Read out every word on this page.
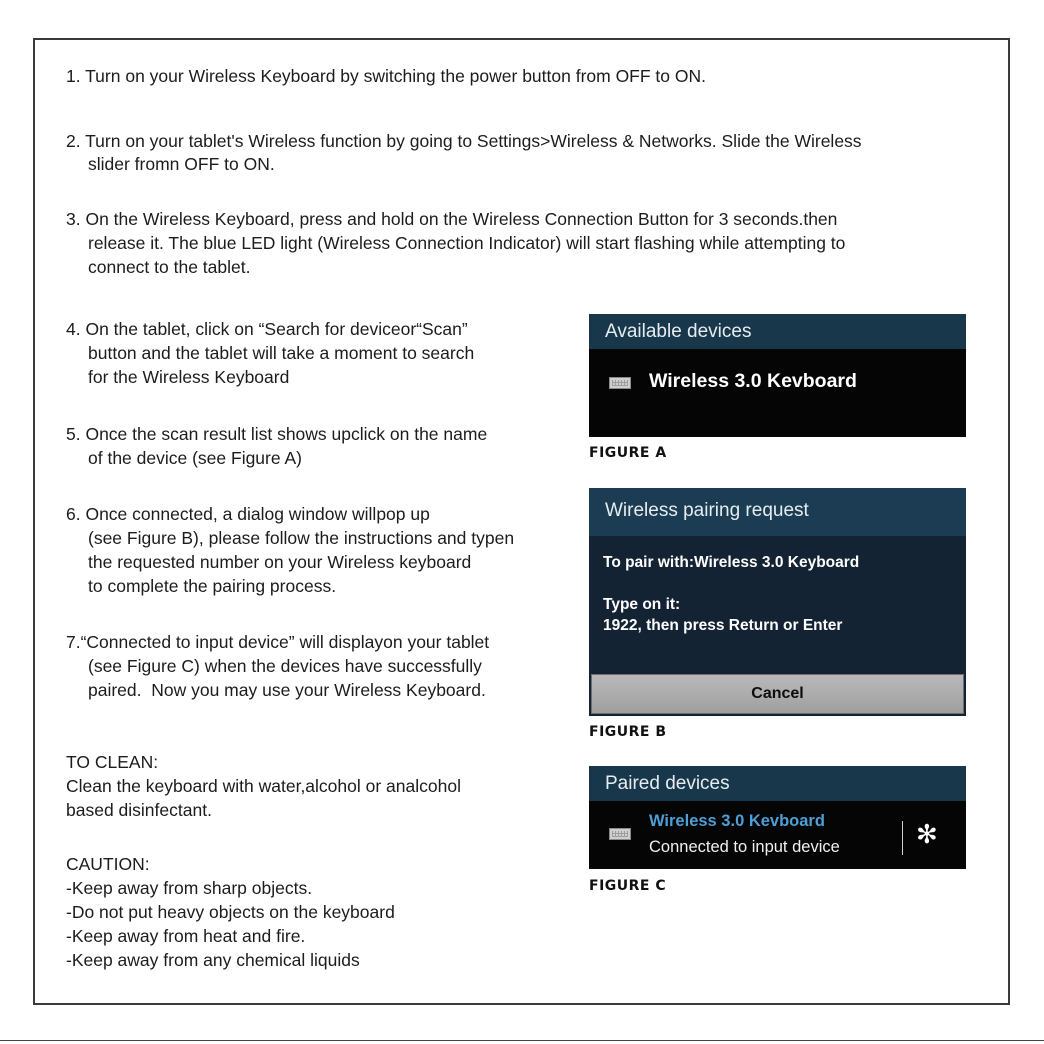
1. Turn on your Wireless Keyboard by switching the power button from OFF to ON.
2. Turn on your tablet's Wireless function by going to Settings>Wireless & Networks. Slide the Wireless
slider fromn OFF to ON.
3. On the Wireless Keyboard, press and hold on the Wireless Connection Button for 3 seconds.then
release it. The blue LED light (Wireless Connection Indicator) will start flashing while attempting to
connect to the tablet.
4. On the tablet, click on “Search for deviceor“Scan”
button and the tablet will take a moment to search
for the Wireless Keyboard
5. Once the scan result list shows upclick on the name
of the device (see Figure A)
6. Once connected, a dialog window willpop up
(see Figure B), please follow the instructions and typen
the requested number on your Wireless keyboard
to complete the pairing process.
7.“Connected to input device” will displayon your tablet
(see Figure C) when the devices have successfully
paired.  Now you may use your Wireless Keyboard.
TO CLEAN:
Clean the keyboard with water,alcohol or analcohol
based disinfectant.
CAUTION:
-Keep away from sharp objects.
-Do not put heavy objects on the keyboard
-Keep away from heat and fire.
-Keep away from any chemical liquids
Available devices
Wireless 3.0 Kevboard
FIGURE A
Wireless pairing request
To pair with:Wireless 3.0 Keyboard
Type on it:
1922, then press Return or Enter
Cancel
FIGURE B
Paired devices
Wireless 3.0 Kevboard
Connected to input device	✻
FIGURE C
